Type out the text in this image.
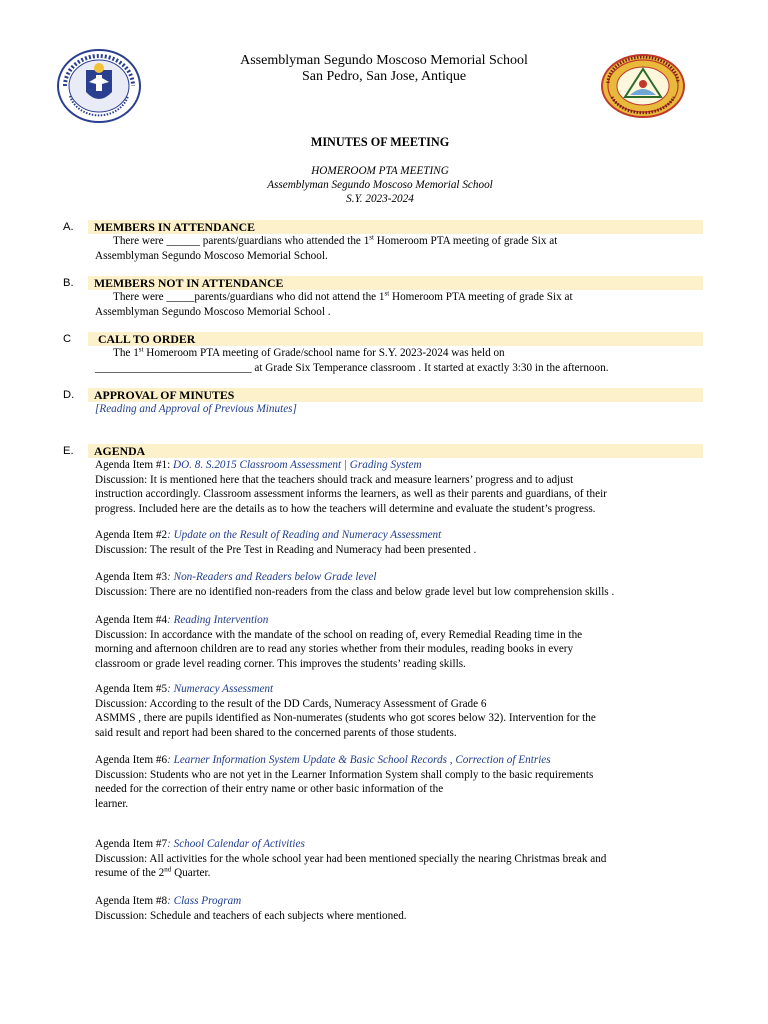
Assemblyman Segundo Moscoso Memorial School
San Pedro, San Jose, Antique
MINUTES OF MEETING
HOMEROOM PTA MEETING
Assemblyman Segundo Moscoso Memorial School
S.Y. 2023-2024
A. MEMBERS IN ATTENDANCE
There were ______ parents/guardians who attended the 1st Homeroom PTA meeting of grade Six at
Assemblyman Segundo Moscoso Memorial School.
B. MEMBERS NOT IN ATTENDANCE
There were _____parents/guardians who did not attend the 1st Homeroom PTA meeting of grade Six at
Assemblyman Segundo Moscoso Memorial School .
C CALL TO ORDER
The 1st Homeroom PTA meeting of Grade/school name for S.Y. 2023-2024 was held on
____________________________ at Grade Six Temperance classroom . It started at exactly 3:30 in the afternoon.
D. APPROVAL OF MINUTES
[Reading and Approval of Previous Minutes]
E. AGENDA
Agenda Item #1: DO. 8. S.2015 Classroom Assessment | Grading System
Discussion: It is mentioned here that the teachers should track and measure learners’ progress and to adjust
instruction accordingly. Classroom assessment informs the learners, as well as their parents and guardians, of their
progress. Included here are the details as to how the teachers will determine and evaluate the student’s progress.
Agenda Item #2: Update on the Result of Reading and Numeracy Assessment
Discussion: The result of the Pre Test in Reading and Numeracy had been presented .
Agenda Item #3: Non-Readers and Readers below Grade level
Discussion: There are no identified non-readers from the class and below grade level but low comprehension skills .
Agenda Item #4: Reading Intervention
Discussion: In accordance with the mandate of the school on reading of, every Remedial Reading time in the
morning and afternoon children are to read any stories whether from their modules, reading books in every
classroom or grade level reading corner. This improves the students’ reading skills.
Agenda Item #5: Numeracy Assessment
Discussion: According to the result of the DD Cards, Numeracy Assessment of Grade 6
ASMMS , there are pupils identified as Non-numerates (students who got scores below 32). Intervention for the
said result and report had been shared to the concerned parents of those students.
Agenda Item #6: Learner Information System Update & Basic School Records , Correction of Entries
Discussion: Students who are not yet in the Learner Information System shall comply to the basic requirements
needed for the correction of their entry name or other basic information of the
learner.
Agenda Item #7: School Calendar of Activities
Discussion: All activities for the whole school year had been mentioned specially the nearing Christmas break and
resume of the 2nd Quarter.
Agenda Item #8: Class Program
Discussion: Schedule and teachers of each subjects where mentioned.
